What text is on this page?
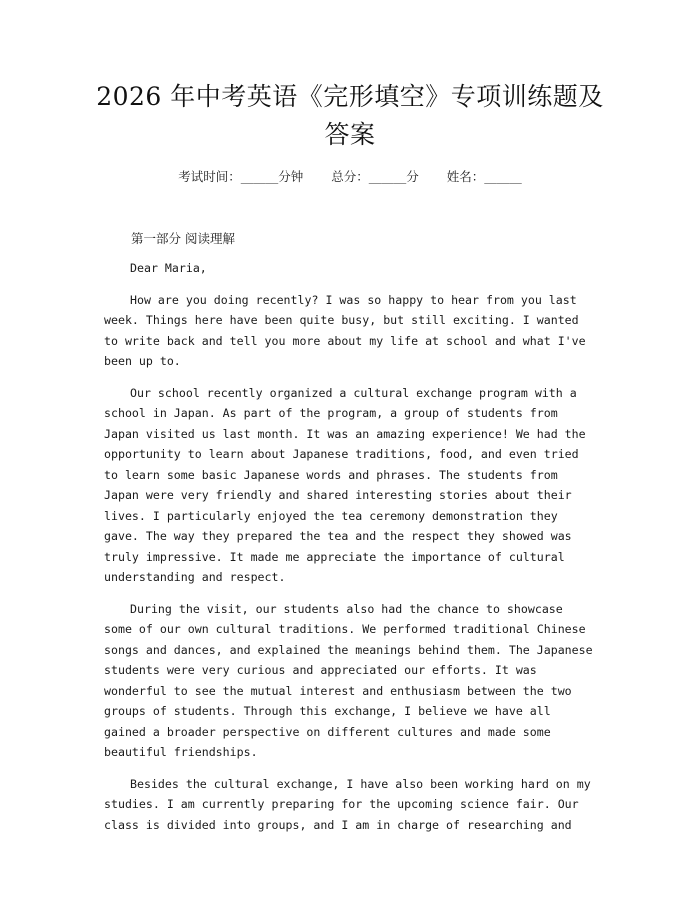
2026 年中考英语《完形填空》专项训练题及答案
考试时间：______分钟 总分：______分 姓名：______
第一部分 阅读理解

Dear Maria,

How are you doing recently? I was so happy to hear from you last week. Things here have been quite busy, but still exciting. I wanted to write back and tell you more about my life at school and what I've been up to.

Our school recently organized a cultural exchange program with a school in Japan. As part of the program, a group of students from Japan visited us last month. It was an amazing experience! We had the opportunity to learn about Japanese traditions, food, and even tried to learn some basic Japanese words and phrases. The students from Japan were very friendly and shared interesting stories about their lives. I particularly enjoyed the tea ceremony demonstration they gave. The way they prepared the tea and the respect they showed was truly impressive. It made me appreciate the importance of cultural understanding and respect.

During the visit, our students also had the chance to showcase some of our own cultural traditions. We performed traditional Chinese songs and dances, and explained the meanings behind them. The Japanese students were very curious and appreciated our efforts. It was wonderful to see the mutual interest and enthusiasm between the two groups of students. Through this exchange, I believe we have all gained a broader perspective on different cultures and made some beautiful friendships.

Besides the cultural exchange, I have also been working hard on my studies. I am currently preparing for the upcoming science fair. Our class is divided into groups, and I am in charge of researching and
